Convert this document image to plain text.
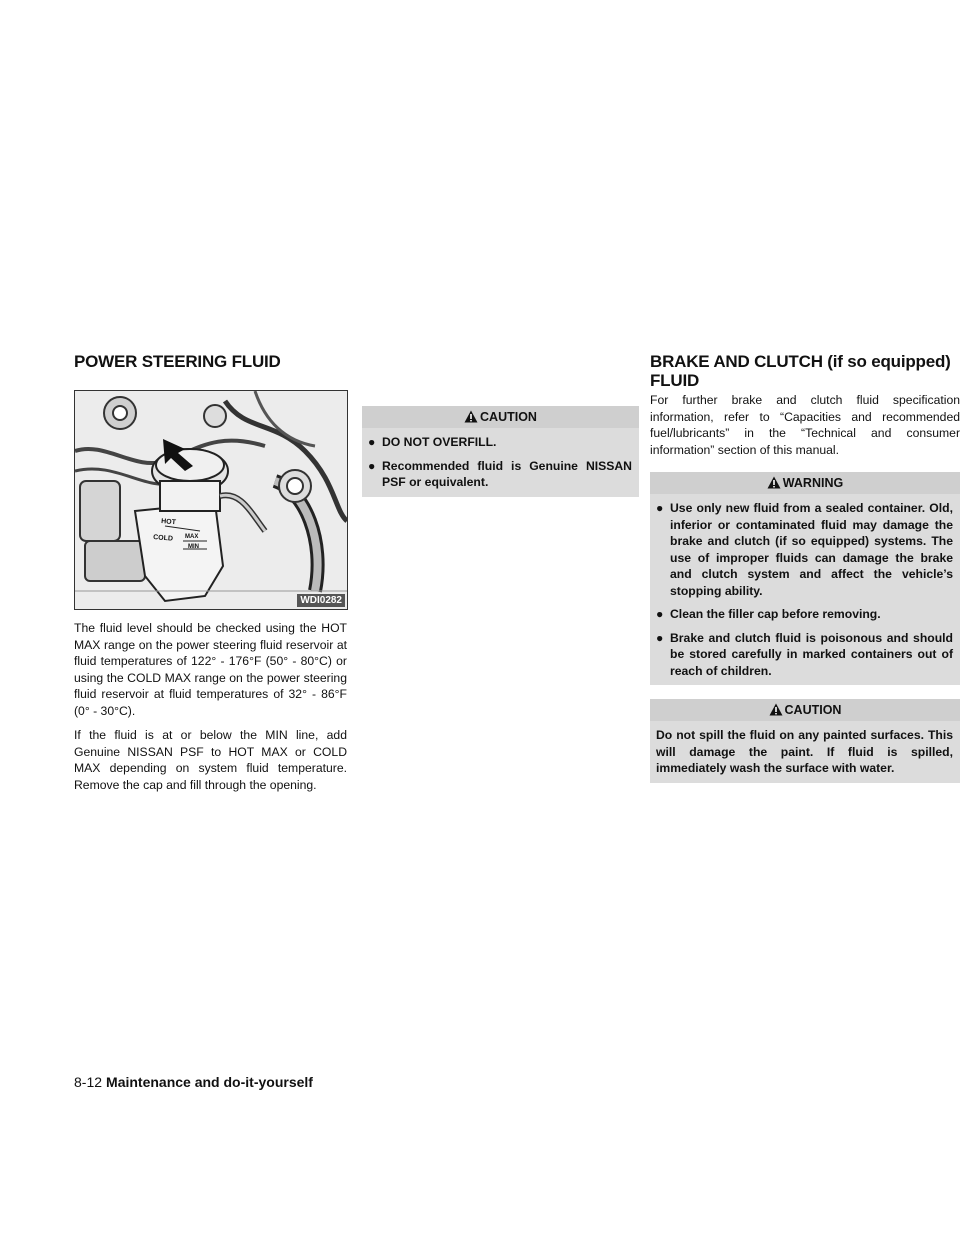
POWER STEERING FLUID	BRAKE AND CLUTCH (if so equipped)
FLUID
HOT
COLD MAX
MIN
WDI0282

The fluid level should be checked using the HOT MAX range on the power steering fluid reservoir at fluid temperatures of 122° - 176°F (50° - 80°C) or using the COLD MAX range on the power steering fluid reservoir at fluid temperatures of 32° - 86°F (0° - 30°C).

If the fluid is at or below the MIN line, add Genuine NISSAN PSF to HOT MAX or COLD MAX depending on system fluid temperature. Remove the cap and fill through the opening.

CAUTION
● DO NOT OVERFILL.
● Recommended fluid is Genuine NISSAN PSF or equivalent.

For further brake and clutch fluid specification information, refer to “Capacities and recommended fuel/lubricants” in the “Technical and consumer information” section of this manual.

WARNING
● Use only new fluid from a sealed container. Old, inferior or contaminated fluid may damage the brake and clutch (if so equipped) systems. The use of improper fluids can damage the brake and clutch system and affect the vehicle’s stopping ability.
● Clean the filler cap before removing.
● Brake and clutch fluid is poisonous and should be stored carefully in marked containers out of reach of children.
CAUTION

Do not spill the fluid on any painted surfaces. This will damage the paint. If fluid is spilled, immediately wash the surface with water.

8-12 Maintenance and do-it-yourself
